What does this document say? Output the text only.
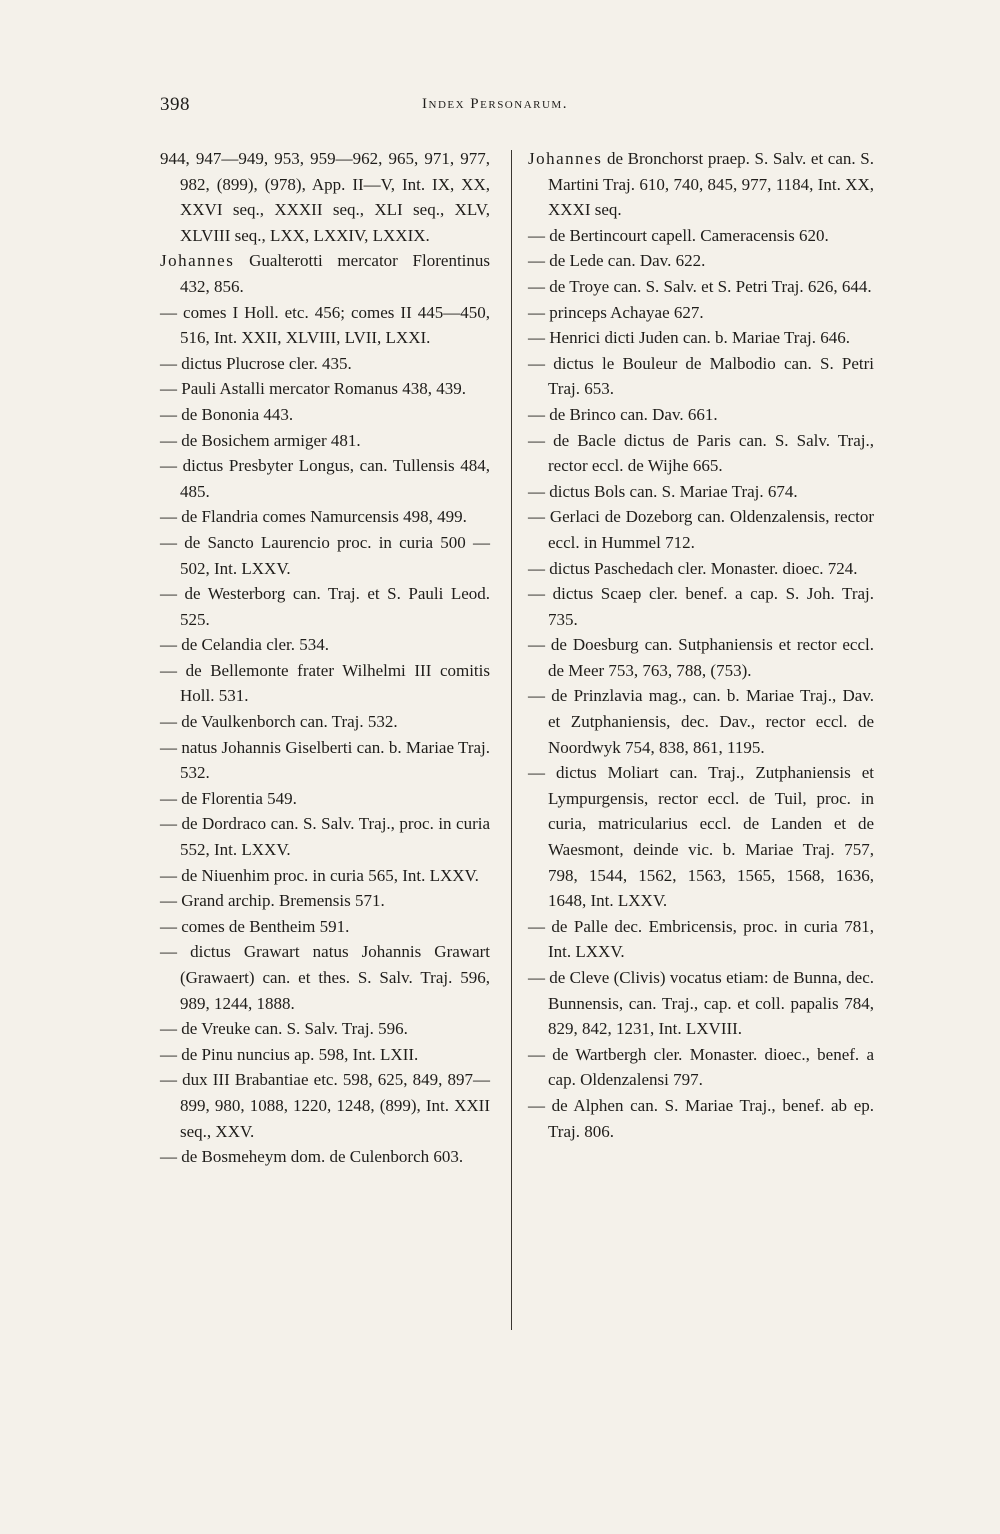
398	Index Personarum.

944, 947—949, 953, 959—962, 965, 971, 977, 982, (899), (978), App. II—V, Int. IX, XX, XXVI seq., XXXII seq., XLI seq., XLV, XLVIII seq., LXX, LXXIV, LXXIX.

Johannes Gualterotti mercator Florentinus 432, 856.

— comes I Holl. etc. 456; comes II 445—450, 516, Int. XXII, XLVIII, LVII, LXXI.

— dictus Plucrose cler. 435.

— Pauli Astalli mercator Romanus 438, 439.

— de Bononia 443.

— de Bosichem armiger 481.

— dictus Presbyter Longus, can. Tullensis 484, 485.

— de Flandria comes Namurcensis 498, 499.

— de Sancto Laurencio proc. in curia 500 —502, Int. LXXV.

— de Westerborg can. Traj. et S. Pauli Leod. 525.

— de Celandia cler. 534.

— de Bellemonte frater Wilhelmi III comitis Holl. 531.

— de Vaulkenborch can. Traj. 532.

— natus Johannis Giselberti can. b. Mariae Traj. 532.

— de Florentia 549.

— de Dordraco can. S. Salv. Traj., proc. in curia 552, Int. LXXV.

— de Niuenhim proc. in curia 565, Int. LXXV.

— Grand archip. Bremensis 571.

— comes de Bentheim 591.

— dictus Grawart natus Johannis Grawart (Grawaert) can. et thes. S. Salv. Traj. 596, 989, 1244, 1888.

— de Vreuke can. S. Salv. Traj. 596.

— de Pinu nuncius ap. 598, Int. LXII.

— dux III Brabantiae etc. 598, 625, 849, 897—899, 980, 1088, 1220, 1248, (899), Int. XXII seq., XXV.

— de Bosmeheym dom. de Culenborch 603.

Johannes de Bronchorst praep. S. Salv. et can. S. Martini Traj. 610, 740, 845, 977, 1184, Int. XX, XXXI seq.

— de Bertincourt capell. Cameracensis 620.

— de Lede can. Dav. 622.

— de Troye can. S. Salv. et S. Petri Traj. 626, 644.

— princeps Achayae 627.

— Henrici dicti Juden can. b. Mariae Traj. 646.

— dictus le Bouleur de Malbodio can. S. Petri Traj. 653.

— de Brinco can. Dav. 661.

— de Bacle dictus de Paris can. S. Salv. Traj., rector eccl. de Wijhe 665.

— dictus Bols can. S. Mariae Traj. 674.

— Gerlaci de Dozeborg can. Oldenzalensis, rector eccl. in Hummel 712.

— dictus Paschedach cler. Monaster. dioec. 724.

— dictus Scaep cler. benef. a cap. S. Joh. Traj. 735.

— de Doesburg can. Sutphaniensis et rector eccl. de Meer 753, 763, 788, (753).

— de Prinzlavia mag., can. b. Mariae Traj., Dav. et Zutphaniensis, dec. Dav., rector eccl. de Noordwyk 754, 838, 861, 1195.

— dictus Moliart can. Traj., Zutphaniensis et Lympurgensis, rector eccl. de Tuil, proc. in curia, matricularius eccl. de Landen et de Waesmont, deinde vic. b. Mariae Traj. 757, 798, 1544, 1562, 1563, 1565, 1568, 1636, 1648, Int. LXXV.

— de Palle dec. Embricensis, proc. in curia 781, Int. LXXV.

— de Cleve (Clivis) vocatus etiam: de Bunna, dec. Bunnensis, can. Traj., cap. et coll. papalis 784, 829, 842, 1231, Int. LXVIII.

— de Wartbergh cler. Monaster. dioec., benef. a cap. Oldenzalensi 797.

— de Alphen can. S. Mariae Traj., benef. ab ep. Traj. 806.
